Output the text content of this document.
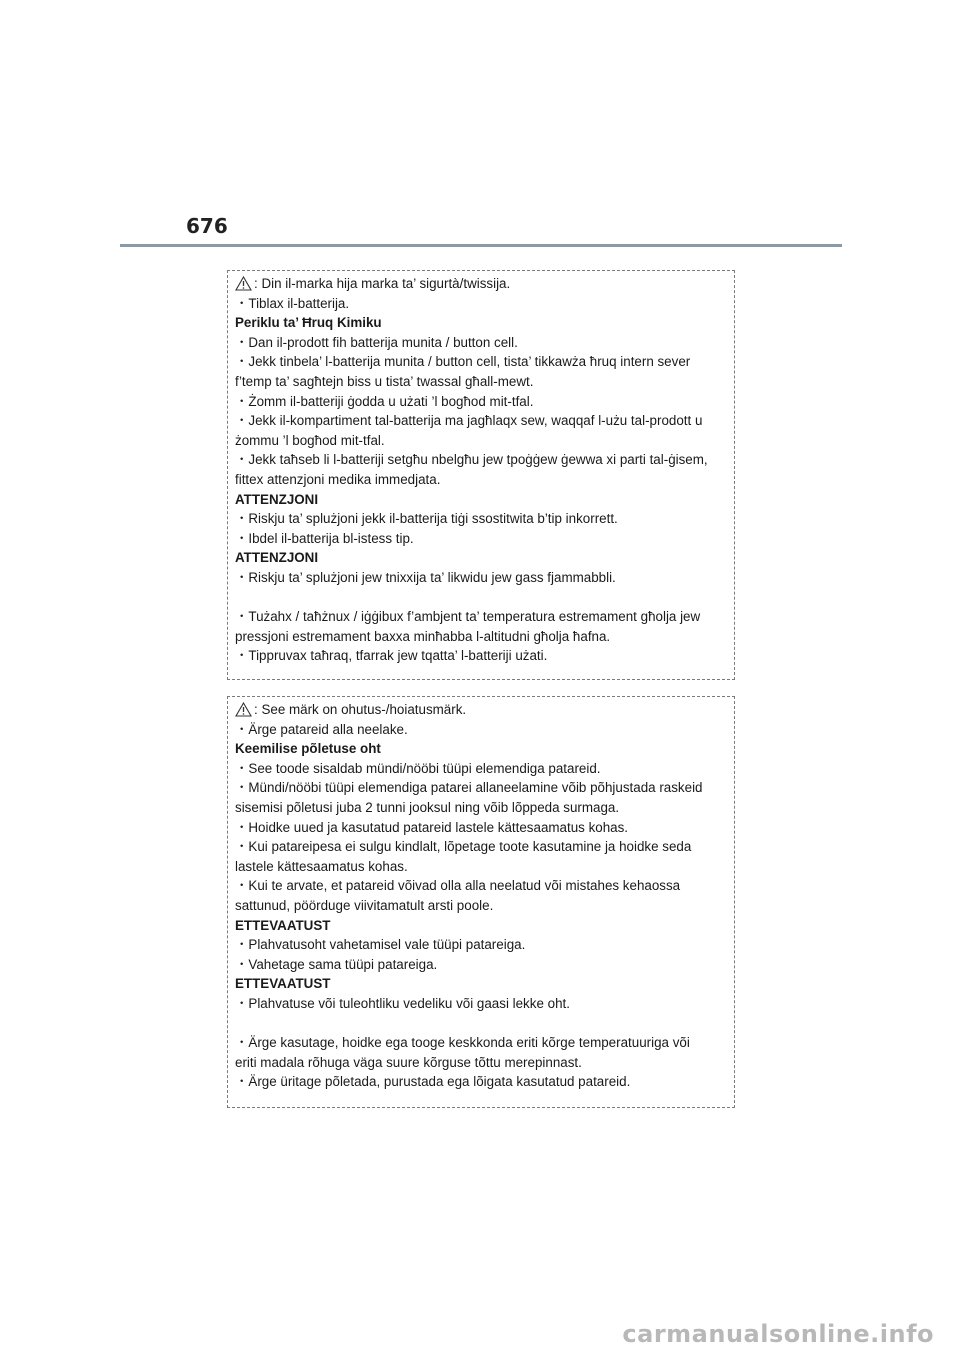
676
: Din il-marka hija marka ta’ sigurtà/twissija.
・Tiblax il-batterija.
Periklu ta’ Ħruq Kimiku
・Dan il-prodott fih batterija munita / button cell.
・Jekk tinbela’ l-batterija munita / button cell, tista’ tikkawża ħruq intern sever
f’temp ta’ sagħtejn biss u tista’ twassal għall-mewt.
・Żomm il-batteriji ġodda u użati ’l bogħod mit-tfal.
・Jekk il-kompartiment tal-batterija ma jagħlaqx sew, waqqaf l-użu tal-prodott u
żommu ’l bogħod mit-tfal.
・Jekk taħseb li l-batteriji setgħu nbelgħu jew tpoġġew ġewwa xi parti tal-ġisem,
fittex attenzjoni medika immedjata.
ATTENZJONI
・Riskju ta’ splużjoni jekk il-batterija tiġi ssostitwita b’tip inkorrett.
・Ibdel il-batterija bl-istess tip.
ATTENZJONI
・Riskju ta’ splużjoni jew tnixxija ta’ likwidu jew gass fjammabbli.
・Tużahx / taħżnux / iġġibux f’ambjent ta’ temperatura estremament għolja jew
pressjoni estremament baxxa minħabba l-altitudni għolja ħafna.
・Tippruvax taħraq, tfarrak jew tqatta’ l-batteriji użati.
: See märk on ohutus-/hoiatusmärk.
・Ärge patareid alla neelake.
Keemilise põletuse oht
・See toode sisaldab mündi/nööbi tüüpi elemendiga patareid.
・Mündi/nööbi tüüpi elemendiga patarei allaneelamine võib põhjustada raskeid
sisemisi põletusi juba 2 tunni jooksul ning võib lõppeda surmaga.
・Hoidke uued ja kasutatud patareid lastele kättesaamatus kohas.
・Kui patareipesa ei sulgu kindlalt, lõpetage toote kasutamine ja hoidke seda
lastele kättesaamatus kohas.
・Kui te arvate, et patareid võivad olla alla neelatud või mistahes kehaossa
sattunud, pöörduge viivitamatult arsti poole.
ETTEVAATUST
・Plahvatusoht vahetamisel vale tüüpi patareiga.
・Vahetage sama tüüpi patareiga.
ETTEVAATUST
・Plahvatuse või tuleohtliku vedeliku või gaasi lekke oht.
・Ärge kasutage, hoidke ega tooge keskkonda eriti kõrge temperatuuriga või
eriti madala rõhuga väga suure kõrguse tõttu merepinnast.
・Ärge üritage põletada, purustada ega lõigata kasutatud patareid.
carmanualsonline.info
